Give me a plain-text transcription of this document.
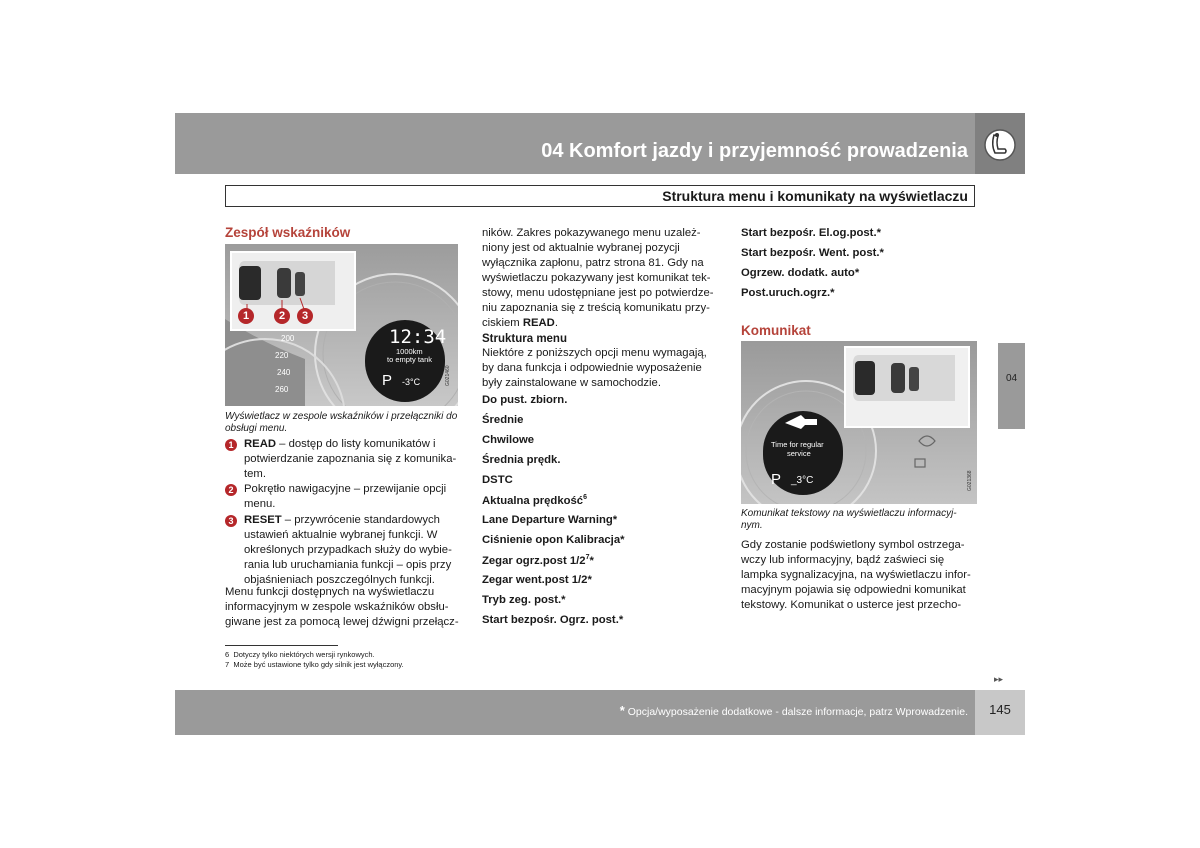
04 Komfort jazdy i przyjemność prowadzenia
Struktura menu i komunikaty na wyświetlaczu
04
Zespół wskaźników
1	2	3
12:34
1000km
to empty tank
P -3°C
200
220
240
260
G021460
Wyświetlacz w zespole wskaźników i przełączniki do obsługi menu.
1 READ – dostęp do listy komunikatów i potwierdzanie zapoznania się z komunika-tem.
2 Pokrętło nawigacyjne – przewijanie opcji menu.
3 RESET – przywrócenie standardowych ustawień aktualnie wybranej funkcji. W określonych przypadkach służy do wybie-rania lub uruchamiania funkcji – opis przy objaśnieniach poszczególnych funkcji.
Menu funkcji dostępnych na wyświetlaczu informacyjnym w zespole wskaźników obsłu-giwane jest za pomocą lewej dźwigni przełącz-
6 Dotyczy tylko niektórych wersji rynkowych.
7 Może być ustawione tylko gdy silnik jest wyłączony.
ników. Zakres pokazywanego menu uzależ-niony jest od aktualnie wybranej pozycji wyłącznika zapłonu, patrz strona 81. Gdy na wyświetlaczu pokazywany jest komunikat tek-stowy, menu udostępniane jest po potwierdze-niu zapoznania się z treścią komunikatu przy-ciskiem READ.
Struktura menu
Niektóre z poniższych opcji menu wymagają, by dana funkcja i odpowiednie wyposażenie były zainstalowane w samochodzie.
Do pust. zbiorn.
Średnie
Chwilowe
Średnia prędk.
DSTC
Aktualna prędkość$^6$
Lane Departure Warning*
Ciśnienie opon Kalibracja*
Zegar ogrz.post $1/2^7*$
Zegar went.post 1/2*
Tryb zeg. post.*
Start bezpośr. Ogrz. post.*
Start bezpośr. El.og.post.*
Start bezpośr. Went. post.*
Ogrzew. dodatk. auto*
Post.uruch.ogrz.*
Komunikat
Time for regular
service
P _3°C	G021368
Komunikat tekstowy na wyświetlaczu informacyj-nym.
Gdy zostanie podświetlony symbol ostrzega-wczy lub informacyjny, bądź zaświeci się lampka sygnalizacyjna, na wyświetlaczu infor-macyjnym pojawia się odpowiedni komunikat tekstowy. Komunikat o usterce jest przecho-
▸▸
* Opcja/wyposażenie dodatkowe - dalsze informacje, patrz Wprowadzenie.	145
